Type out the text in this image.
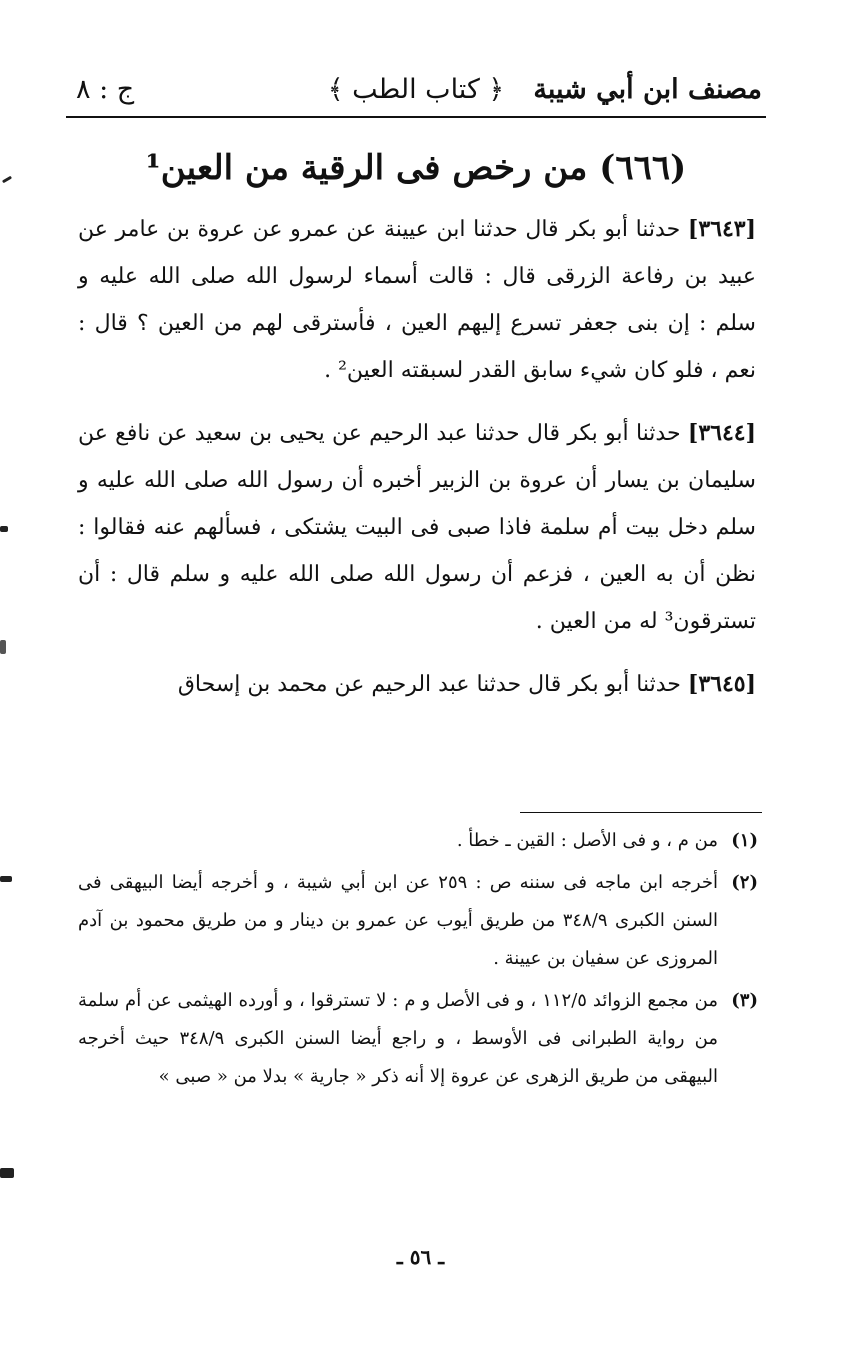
مصنف ابن أبي شيبة
﴿ كتاب الطب ﴾
ج : ٨
(٦٦٦) من رخص فى الرقية من العين¹

[٣٦٤٣] حدثنا أبو بكر قال حدثنا ابن عيينة عن عمرو عن عروة بن عامر عن عبيد بن رفاعة الزرقى قال : قالت أسماء لرسول الله صلى الله عليه و سلم : إن بنى جعفر تسرع إليهم العين ، فأسترقى لهم من العين ؟ قال : نعم ، فلو كان شيء سابق القدر لسبقته العين² .

[٣٦٤٤] حدثنا أبو بكر قال حدثنا عبد الرحيم عن يحيى بن سعيد عن نافع عن سليمان بن يسار أن عروة بن الزبير أخبره أن رسول الله صلى الله عليه و سلم دخل بيت أم سلمة فاذا صبى فى البيت يشتكى ، فسألهم عنه فقالوا : نظن أن به العين ، فزعم أن رسول الله صلى الله عليه و سلم قال : أن تسترقون³ له من العين .

[٣٦٤٥] حدثنا أبو بكر قال حدثنا عبد الرحيم عن محمد بن إسحاق

(١)
من م ، و فى الأصل : القين ـ خطأ .
(٢)
أخرجه ابن ماجه فى سننه ص : ٢٥٩ عن ابن أبي شيبة ، و أخرجه أيضا البيهقى فى السنن الكبرى ٣٤٨/٩ من طريق أيوب عن عمرو بن دينار و من طريق محمود بن آدم المروزى عن سفيان بن عيينة .
(٣)
من مجمع الزوائد ١١٢/٥ ، و فى الأصل و م : لا تسترقوا ، و أورده الهيثمى عن أم سلمة من رواية الطبرانى فى الأوسط ، و راجع أيضا السنن الكبرى ٣٤٨/٩ حيث أخرجه البيهقى من طريق الزهرى عن عروة إلا أنه ذكر « جارية » بدلا من « صبى »
ـ ٥٦ ـ
